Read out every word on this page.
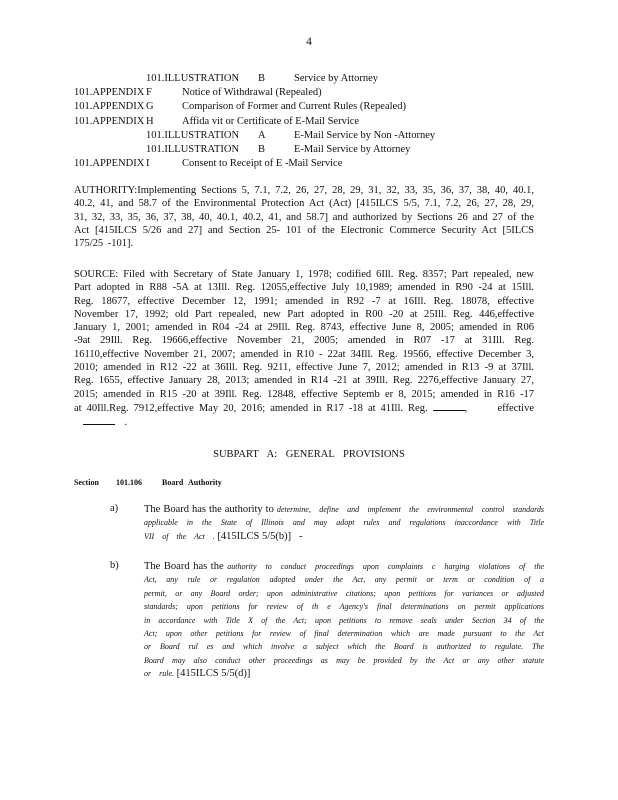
4
101.ILLUSTRATION B	Service by Attorney
101.APPENDIX F	Notice of Withdrawal (Repealed)
101.APPENDIX G	Comparison of Former and Current Rules (Repealed)
101.APPENDIX H	Affida vit or Certificate of E-Mail Service
101.ILLUSTRATION A	E-Mail Service by Non -Attorney
101.ILLUSTRATION B	E-Mail Service by Attorney
101.APPENDIX I	Consent to Receipt of E -Mail Service
AUTHORITY:Implementing Sections 5, 7.1, 7.2, 26, 27, 28, 29, 31, 32, 33, 35, 36, 37, 38, 40, 40.1, 40.2, 41, and 58.7 of the Environmental Protection Act (Act) [415ILCS 5/5, 7.1, 7.2, 26, 27, 28, 29, 31, 32, 33, 35, 36, 37, 38, 40, 40.1, 40.2, 41, and 58.7] and authorized by Sections 26 and 27 of the Act [415ILCS 5/26 and 27] and Section 25- 101 of the Electronic Commerce Security Act [5ILCS 175/25 -101].
SOURCE: Filed with Secretary of State January 1, 1978; codified 6Ill. Reg. 8357; Part repealed, new Part adopted in R88 -5A at 13Ill. Reg. 12055,effective July 10,1989; amended in R90 -24 at 15Ill. Reg. 18677, effective December 12, 1991; amended in R92 -7 at 16Ill. Reg. 18078, effective November 17, 1992; old Part repealed, new Part adopted in R00 -20 at 25Ill. Reg. 446,effective January 1, 2001; amended in R04 -24 at 29Ill. Reg. 8743, effective June 8, 2005; amended in R06 -9at 29Ill. Reg. 19666,effective November 21, 2005; amended in R07 -17 at 31Ill. Reg. 16110,effective November 21, 2007; amended in R10 - 22at 34Ill. Reg. 19566, effective December 3, 2010; amended in R12 -22 at 36Ill. Reg. 9211, effective June 7, 2012; amended in R13 -9 at 37Ill. Reg. 1655, effective January 28, 2013; amended in R14 -21 at 39Ill. Reg. 2276,effective January 27, 2015; amended in R15 -20 at 39Ill. Reg. 12848, effective Septemb er 8, 2015; amended in R16 -17 at 40Ill.Reg. 7912,effective May 20, 2016; amended in R17 -18 at 41Ill. Reg.	,	effective     .
SUBPART A: GENERAL PROVISIONS
Section 101.106	Board Authority
a) The Board has the authority to determine, define and implement the environmental control standards applicable in the State of Illinois and may adopt rules and regulations inaccordance with Title VII of the Act . [415ILCS 5/5(b)] -
b) The Board has the authority to conduct proceedings upon complaints c harging violations of the Act, any rule or regulation adopted under the Act, any permit or term or condition of a permit, or any Board order; upon administrative citations; upon petitions for variances or adjusted standards; upon petitions for review of th e Agency's final determinations on permit applications in accordance with Title X of the Act; upon petitions to remove seals under Section 34 of the Act; upon other petitions for review of final determination which are made pursuant to the Act or Board rul es and which involve a subject which the Board is authorized to regulate. The Board may also conduct other proceedings as may be provided by the Act or any other statute or rule. [415ILCS 5/5(d)]
